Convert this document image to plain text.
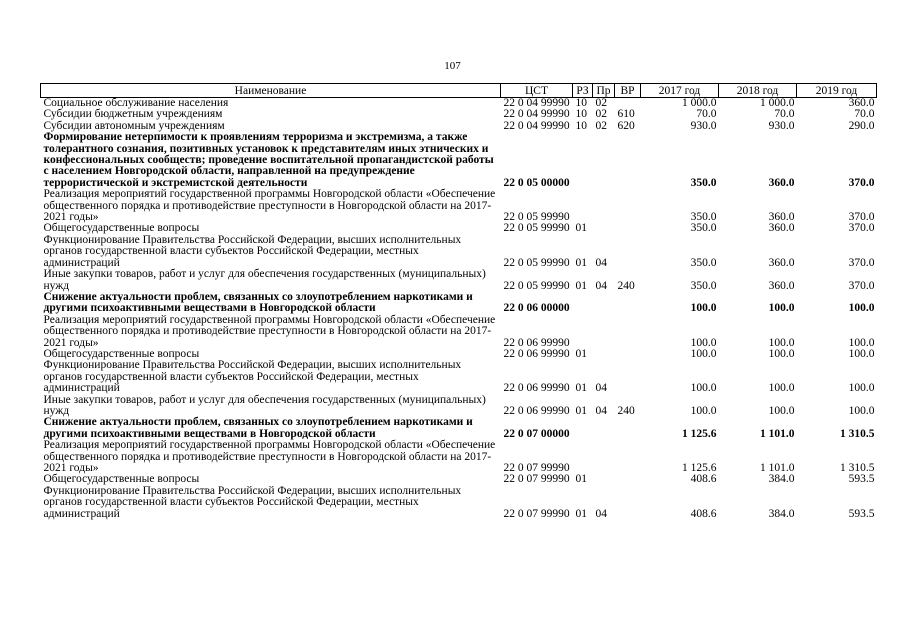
107
Наименование	ЦСТ	РЗ	Пр	ВР	2017 год	2018 год	2019 год
Социальное обслуживание населения	22 0 04 99990	10	02		1 000.0	1 000.0	360.0
Субсидии бюджетным учреждениям	22 0 04 99990	10	02	610	70.0	70.0	70.0
Субсидии автономным учреждениям	22 0 04 99990	10	02	620	930.0	930.0	290.0
Формирование нетерпимости к проявлениям терроризма и экстремизма, а также толерантного сознания, позитивных установок к представителям иных этнических и конфессиональных сообществ; проведение воспитательной пропагандистской работы с населением Новгородской области, направленной на предупреждение террористической и экстремистской деятельности	22 0 05 00000				350.0	360.0	370.0
Реализация мероприятий государственной программы Новгородской области «Обеспечение общественного порядка и противодействие преступности в Новгородской области на 2017-2021 годы»	22 0 05 99990				350.0	360.0	370.0
Общегосударственные вопросы	22 0 05 99990	01			350.0	360.0	370.0
Функционирование Правительства Российской Федерации, высших исполнительных органов государственной власти субъектов Российской Федерации, местных администраций	22 0 05 99990	01	04		350.0	360.0	370.0
Иные закупки товаров, работ и услуг для обеспечения государственных (муниципальных) нужд	22 0 05 99990	01	04	240	350.0	360.0	370.0
Снижение актуальности проблем, связанных со злоупотреблением наркотиками и другими психоактивными веществами в Новгородской области	22 0 06 00000				100.0	100.0	100.0
Реализация мероприятий государственной программы Новгородской области «Обеспечение общественного порядка и противодействие преступности в Новгородской области на 2017-2021 годы»	22 0 06 99990				100.0	100.0	100.0
Общегосударственные вопросы	22 0 06 99990	01			100.0	100.0	100.0
Функционирование Правительства Российской Федерации, высших исполнительных органов государственной власти субъектов Российской Федерации, местных администраций	22 0 06 99990	01	04		100.0	100.0	100.0
Иные закупки товаров, работ и услуг для обеспечения государственных (муниципальных) нужд	22 0 06 99990	01	04	240	100.0	100.0	100.0
Снижение актуальности проблем, связанных со злоупотреблением наркотиками и другими психоактивными веществами в Новгородской области	22 0 07 00000				1 125.6	1 101.0	1 310.5
Реализация мероприятий государственной программы Новгородской области «Обеспечение общественного порядка и противодействие преступности в Новгородской области на 2017-2021 годы»	22 0 07 99990				1 125.6	1 101.0	1 310.5
Общегосударственные вопросы	22 0 07 99990	01			408.6	384.0	593.5
Функционирование Правительства Российской Федерации, высших исполнительных органов государственной власти субъектов Российской Федерации, местных администраций	22 0 07 99990	01	04		408.6	384.0	593.5
